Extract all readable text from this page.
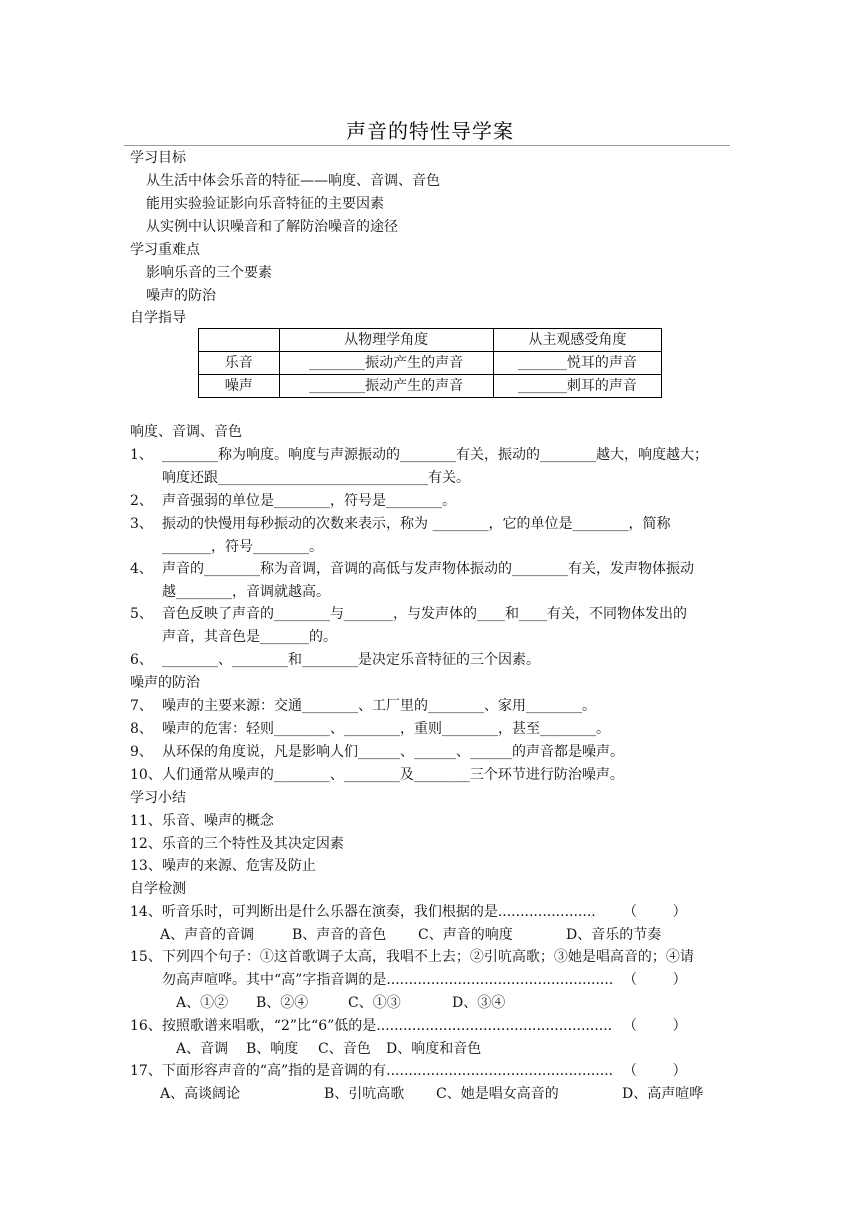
声音的特性导学案
学习目标
从生活中体会乐音的特征——响度、音调、音色
能用实验验证影向乐音特征的主要因素
从实例中认识噪音和了解防治噪音的途径
学习重难点
影响乐音的三个要素
噪声的防治
自学指导
	从物理学角度	从主观感受角度
乐音	________振动产生的声音	_______悦耳的声音
噪声	________振动产生的声音	_______刺耳的声音
响度、音调、音色
1、 ________称为响度。响度与声源振动的________有关，振动的________越大，响度越大；
响度还跟______________________________有关。
2、 声音强弱的单位是________，符号是________。
3、 振动的快慢用每秒振动的次数来表示，称为 ________，它的单位是________，简称
_______，符号________。
4、 声音的________称为音调，音调的高低与发声物体振动的________有关，发声物体振动
越________，音调就越高。
5、 音色反映了声音的________与_______，与发声体的____和____有关，不同物体发出的
声音，其音色是_______的。
6、 ________、________和________是决定乐音特征的三个因素。
噪声的防治
7、 噪声的主要来源：交通________、工厂里的________、家用________。
8、 噪声的危害：轻则________、________，重则________，甚至________。
9、 从环保的角度说，凡是影响人们______、______、______的声音都是噪声。
10、人们通常从噪声的________、________及________三个环节进行防治噪声。
学习小结
11、乐音、噪声的概念
12、乐音的三个特性及其决定因素
13、噪声的来源、危害及防止
自学检测
14、听音乐时，可判断出是什么乐器在演奏，我们根据的是...................... （        ）
A、声音的音调	B、声音的音色 C、声音的响度	D、音乐的节奏
15、下列四个句子：①这首歌调子太高，我唱不上去；②引吭高歌；③她是唱高音的；④请
勿高声喧哗。其中“高”字指音调的是................................................... （        ）
A、①② B、②④	C、①③	D、③④
16、按照歌谱来唱歌，“2”比“6”低的是..................................................... （        ）
A、音调 B、响度 C、音色 D、响度和音色
17、下面形容声音的“高”指的是音调的有................................................... （        ）
A、高谈阔论	B、引吭高歌 C、她是唱女高音的	D、高声喧哗
